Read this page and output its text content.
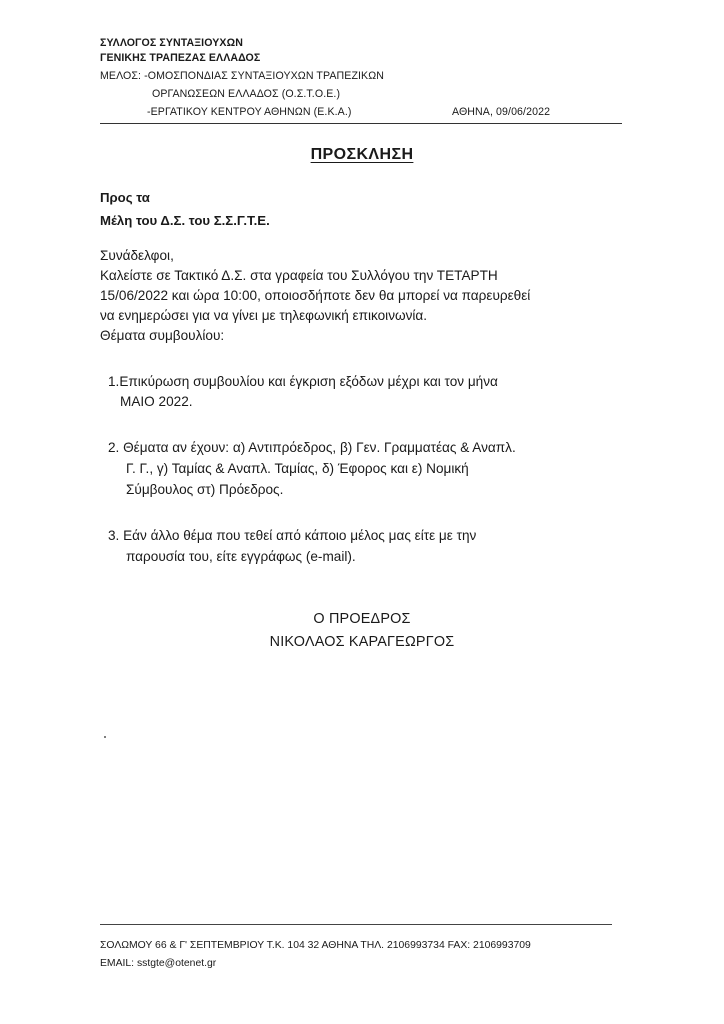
ΣΥΛΛΟΓΟΣ ΣΥΝΤΑΞΙΟΥΧΩΝ
ΓΕΝΙΚΗΣ ΤΡΑΠΕΖΑΣ ΕΛΛΑΔΟΣ
ΜΕΛΟΣ: -ΟΜΟΣΠΟΝΔΙΑΣ ΣΥΝΤΑΞΙΟΥΧΩΝ ΤΡΑΠΕΖΙΚΩΝ
ΟΡΓΑΝΩΣΕΩΝ ΕΛΛΑΔΟΣ (Ο.Σ.Τ.Ο.Ε.)
-ΕΡΓΑΤΙΚΟΥ ΚΕΝΤΡΟΥ ΑΘΗΝΩΝ (Ε.Κ.Α.)	ΑΘΗΝΑ, 09/06/2022
ΠΡΟΣΚΛΗΣΗ
Προς τα
Μέλη του Δ.Σ. του Σ.Σ.Γ.Τ.Ε.
Συνάδελφοι,
Καλείστε σε Τακτικό Δ.Σ. στα γραφεία του Συλλόγου την ΤΕΤΑΡΤΗ
15/06/2022 και ώρα 10:00, οποιοσδήποτε δεν θα μπορεί να παρευρεθεί
να ενημερώσει για να γίνει με τηλεφωνική επικοινωνία.
Θέματα συμβουλίου:
1.Επικύρωση συμβουλίου και έγκριση εξόδων μέχρι και τον μήνα
ΜΑΙΟ 2022.
2. Θέματα αν έχουν: α) Αντιπρόεδρος, β) Γεν. Γραμματέας & Αναπλ.
Γ. Γ., γ) Ταμίας & Αναπλ. Ταμίας, δ) Έφορος και ε) Νομική
Σύμβουλος στ) Πρόεδρος.
3. Εάν άλλο θέμα που τεθεί από κάποιο μέλος μας είτε με την
παρουσία του, είτε εγγράφως (e-mail).
Ο ΠΡΟΕΔΡΟΣ
ΝΙΚΟΛΑΟΣ ΚΑΡΑΓΕΩΡΓΟΣ
ΣΟΛΩΜΟΥ 66 & Γ' ΣΕΠΤΕΜΒΡΙΟΥ Τ.Κ. 104 32 ΑΘΗΝΑ ΤΗΛ. 2106993734 FAX: 2106993709
EMAIL: sstgte@otenet.gr
